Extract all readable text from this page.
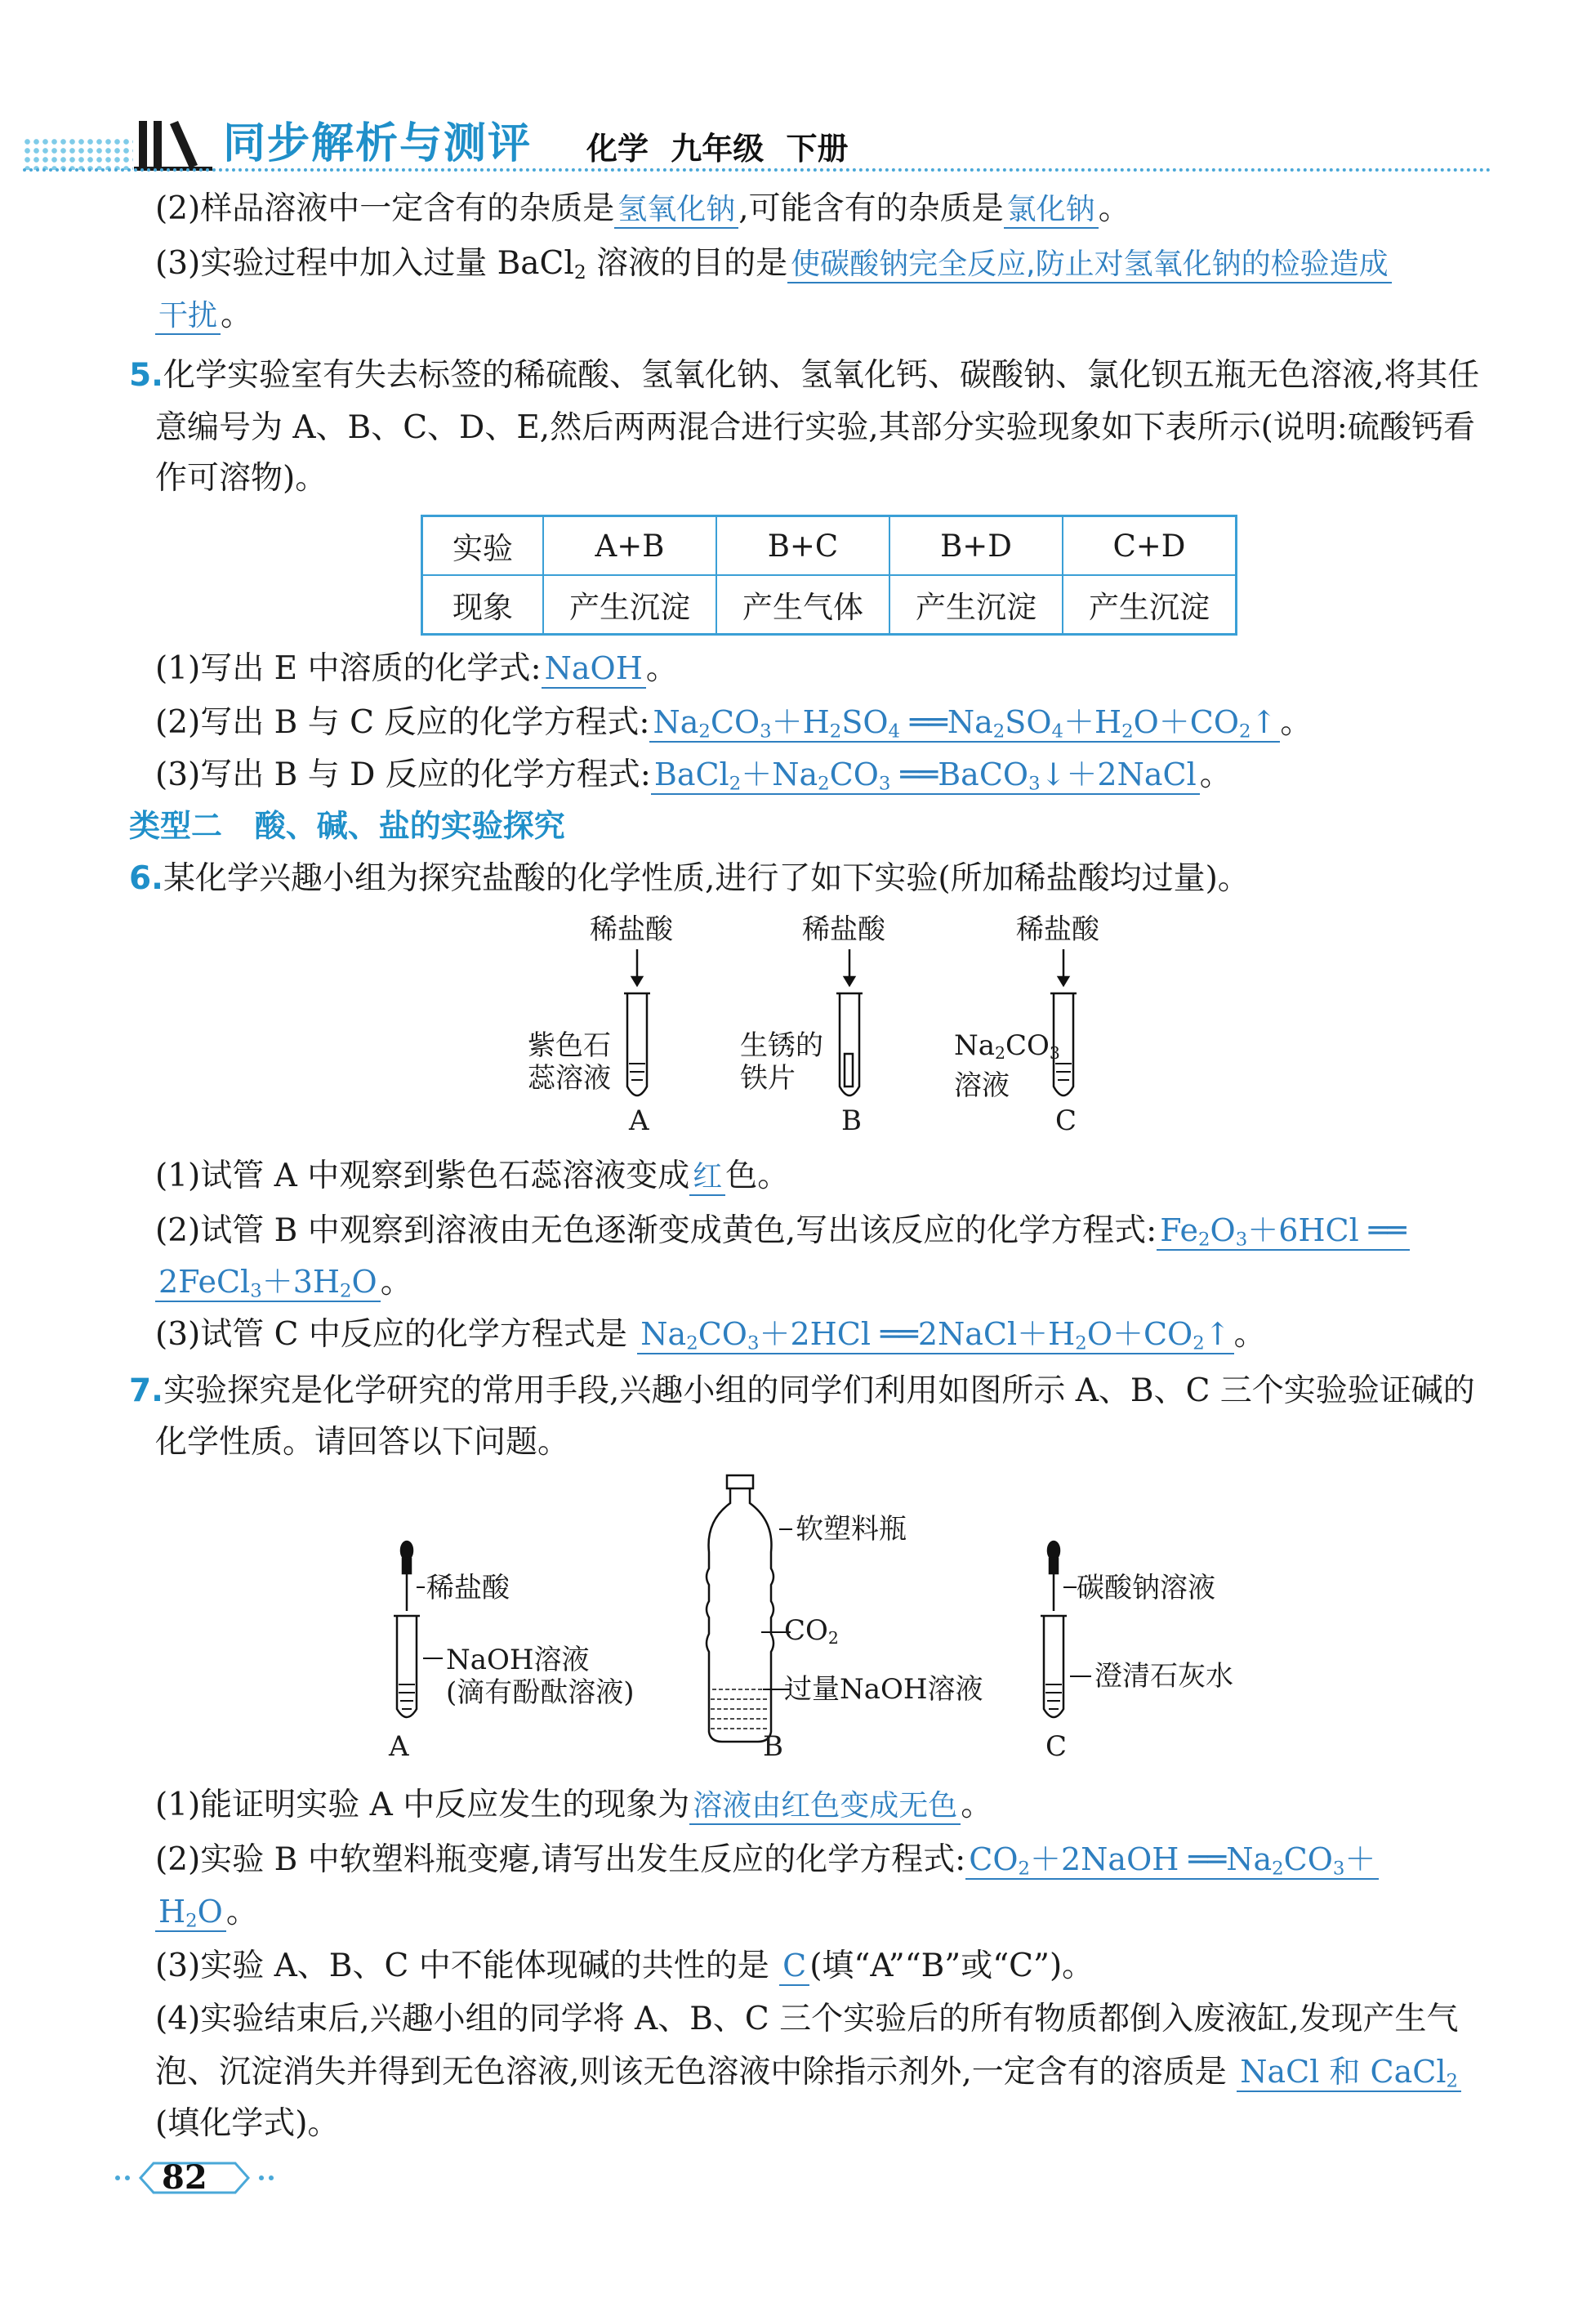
同步解析与测评 化学 九年级 下册
(2)样品溶液中一定含有的杂质是 氢氧化钠 ,可能含有的杂质是 氯化钠 。
(3)实验过程中加入过量 BaCl$_2$ 溶液的目的是 使碳酸钠完全反应,防止对氢氧化钠的检验造成
干扰 。
5.化学实验室有失去标签的稀硫酸、氢氧化钠、氢氧化钙、碳酸钠、氯化钡五瓶无色溶液,将其任
意编号为 A、B、C、D、E,然后两两混合进行实验,其部分实验现象如下表所示(说明:硫酸钙看
作可溶物)。
实验	A+B	B+C	B+D	C+D
现象	产生沉淀	产生气体	产生沉淀	产生沉淀
(1)写出 E 中溶质的化学式: NaOH 。
(2)写出 B 与 C 反应的化学方程式: $Na_2CO_3+H_2SO_4$ $══Na_2SO_4+H_2O+CO_2↑$ 。
(3)写出 B 与 D 反应的化学方程式: $BaCl_2+Na_2CO_3$ ══BaCO$_3$↓＋2NaCl 。
类型二 酸、碱、盐的实验探究
6.某化学兴趣小组为探究盐酸的化学性质,进行了如下实验(所加稀盐酸均过量)。
稀盐酸	稀盐酸	稀盐酸
紫色石
蕊溶液
生锈的
铁片
$Na_2CO_3$
溶液
A	B	C
(1)试管 A 中观察到紫色石蕊溶液变成 红 色。
(2)试管 B 中观察到溶液由无色逐渐变成黄色,写出该反应的化学方程式: $Fe_2O_3+6HCl$ ══
$2FeCl_3+3H_2O$ 。
(3)试管 C 中反应的化学方程式是 $Na_2CO_3+2HCl$ $══2NaCl+H_2O+CO_2↑$ 。
7.实验探究是化学研究的常用手段,兴趣小组的同学们利用如图所示 A、B、C 三个实验验证碱的
化学性质。请回答以下问题。
稀盐酸
NaOH溶液
(滴有酚酞溶液)
软塑料瓶
$CO_2$
过量NaOH溶液
碳酸钠溶液
澄清石灰水
A	B	C
(1)能证明实验 A 中反应发生的现象为 溶液由红色变成无色 。
(2)实验 B 中软塑料瓶变瘪,请写出发生反应的化学方程式: $CO_2+2NaOH$ $══Na_2CO_3+$
$H_2O$ 。
(3)实验 A、B、C 中不能体现碱的共性的是 C (填“A”“B”或“C”)。
(4)实验结束后,兴趣小组的同学将 A、B、C 三个实验后的所有物质都倒入废液缸,发现产生气
泡、沉淀消失并得到无色溶液,则该无色溶液中除指示剂外,一定含有的溶质是 NaCl 和 CaCl$_2$
(填化学式)。
82
